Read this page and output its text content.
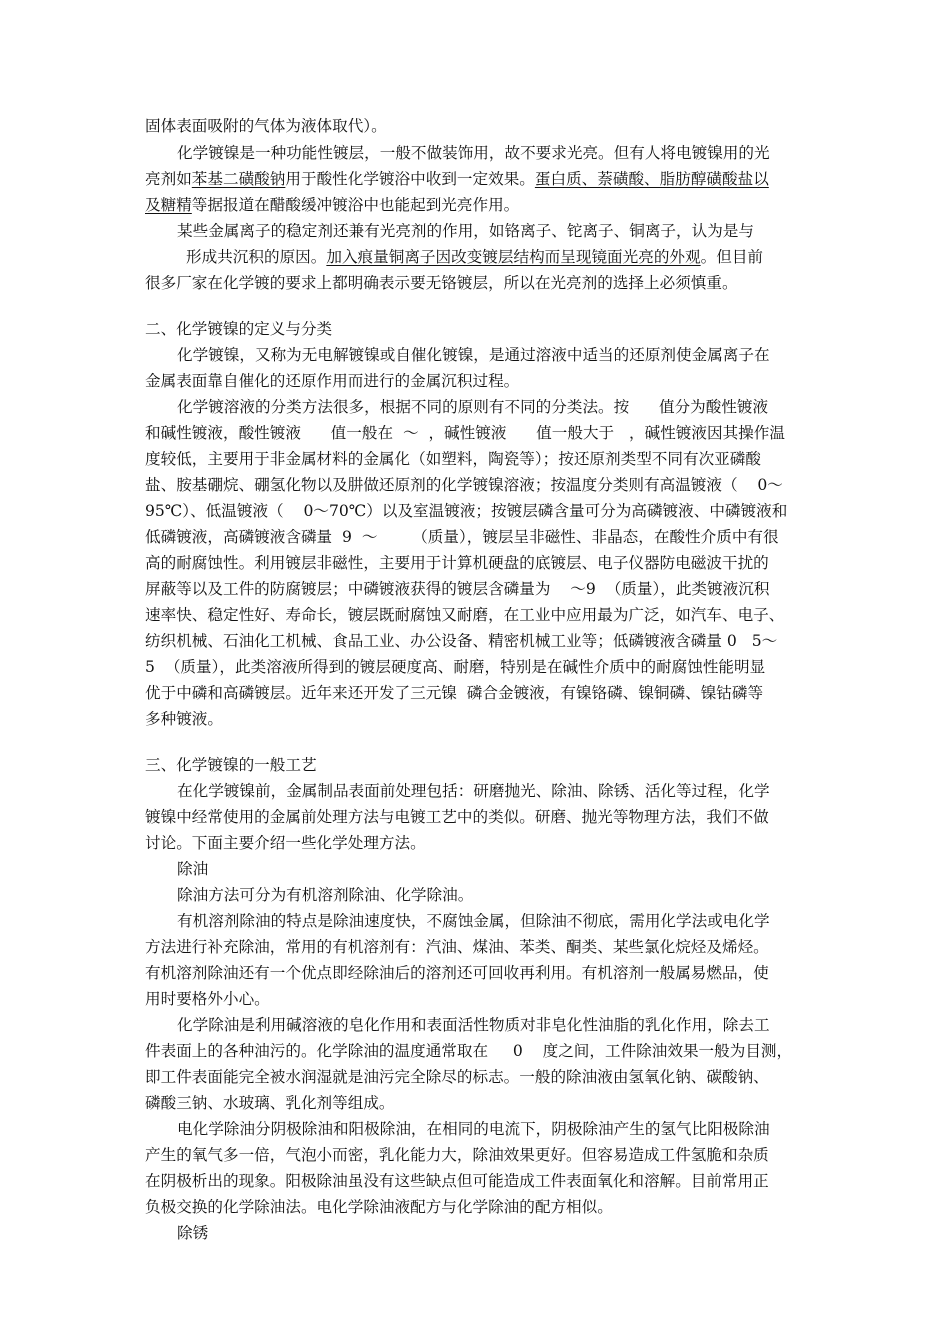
固体表面吸附的气体为液体取代）。
化学镀镍是一种功能性镀层，一般不做装饰用，故不要求光亮。但有人将电镀镍用的光
亮剂如苯基二磺酸钠用于酸性化学镀浴中收到一定效果。蛋白质、萘磺酸、脂肪醇磺酸盐以
及糖精等据报道在醋酸缓冲镀浴中也能起到光亮作用。
某些金属离子的稳定剂还兼有光亮剂的作用，如铬离子、铊离子、铜离子，认为是与
形成共沉积的原因。加入痕量铜离子因改变镀层结构而呈现镜面光亮的外观。但目前
很多厂家在化学镀的要求上都明确表示要无铬镀层，所以在光亮剂的选择上必须慎重。
二、化学镀镍的定义与分类
化学镀镍，又称为无电解镀镍或自催化镀镍，是通过溶液中适当的还原剂使金属离子在
金属表面靠自催化的还原作用而进行的金属沉积过程。
化学镀溶液的分类方法很多，根据不同的原则有不同的分类法。按      值分为酸性镀液
和碱性镀液，酸性镀液      值一般在  ～  ，碱性镀液      值一般大于   ，碱性镀液因其操作温
度较低，主要用于非金属材料的金属化（如塑料，陶瓷等）；按还原剂类型不同有次亚磷酸
盐、胺基硼烷、硼氢化物以及肼做还原剂的化学镀镍溶液；按温度分类则有高温镀液（    0～
95℃）、低温镀液（    0～70℃）以及室温镀液；按镀层磷含量可分为高磷镀液、中磷镀液和
低磷镀液，高磷镀液含磷量  9  ～       （质量），镀层呈非磁性、非晶态，在酸性介质中有很
高的耐腐蚀性。利用镀层非磁性，主要用于计算机硬盘的底镀层、电子仪器防电磁波干扰的
屏蔽等以及工件的防腐镀层；中磷镀液获得的镀层含磷量为    ～9  （质量），此类镀液沉积
速率快、稳定性好、寿命长，镀层既耐腐蚀又耐磨，在工业中应用最为广泛，如汽车、电子、
纺织机械、石油化工机械、食品工业、办公设备、精密机械工业等；低磷镀液含磷量 0   5～
5  （质量），此类溶液所得到的镀层硬度高、耐磨，特别是在碱性介质中的耐腐蚀性能明显
优于中磷和高磷镀层。近年来还开发了三元镍  磷合金镀液，有镍铬磷、镍铜磷、镍钴磷等
多种镀液。
三、化学镀镍的一般工艺
在化学镀镍前，金属制品表面前处理包括：研磨抛光、除油、除锈、活化等过程，化学
镀镍中经常使用的金属前处理方法与电镀工艺中的类似。研磨、抛光等物理方法，我们不做
讨论。下面主要介绍一些化学处理方法。
除油
除油方法可分为有机溶剂除油、化学除油。
有机溶剂除油的特点是除油速度快，不腐蚀金属，但除油不彻底，需用化学法或电化学
方法进行补充除油，常用的有机溶剂有：汽油、煤油、苯类、酮类、某些氯化烷烃及烯烃。
有机溶剂除油还有一个优点即经除油后的溶剂还可回收再利用。有机溶剂一般属易燃品，使
用时要格外小心。
化学除油是利用碱溶液的皂化作用和表面活性物质对非皂化性油脂的乳化作用，除去工
件表面上的各种油污的。化学除油的温度通常取在     0    度之间，工件除油效果一般为目测，
即工件表面能完全被水润湿就是油污完全除尽的标志。一般的除油液由氢氧化钠、碳酸钠、
磷酸三钠、水玻璃、乳化剂等组成。
电化学除油分阴极除油和阳极除油，在相同的电流下，阴极除油产生的氢气比阳极除油
产生的氧气多一倍，气泡小而密，乳化能力大，除油效果更好。但容易造成工件氢脆和杂质
在阴极析出的现象。阳极除油虽没有这些缺点但可能造成工件表面氧化和溶解。目前常用正
负极交换的化学除油法。电化学除油液配方与化学除油的配方相似。
除锈
